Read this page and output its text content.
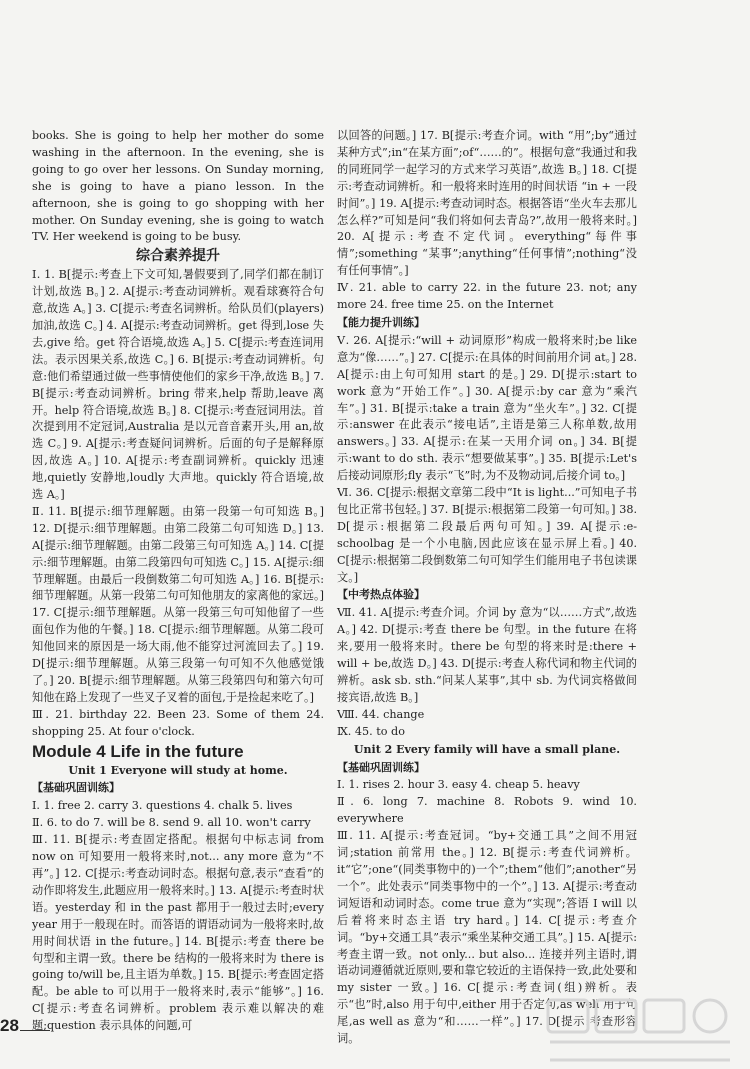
books. She is going to help her mother do some washing in the afternoon. In the evening, she is going to go over her lessons. On Sunday morning, she is going to have a piano lesson. In the afternoon, she is going to go shopping with her mother. On Sunday evening, she is going to watch TV. Her weekend is going to be busy.

综合素养提升

Ⅰ. 1. B[提示:考查上下文可知,暑假要到了,同学们都在制订计划,故选 B。] 2. A[提示:考查动词辨析。观看球赛符合句意,故选 A。] 3. C[提示:考查名词辨析。给队员们(players)加油,故选 C。] 4. A[提示:考查动词辨析。get 得到,lose 失去,give 给。get 符合语境,故选 A。] 5. C[提示:考查连词用法。表示因果关系,故选 C。] 6. B[提示:考查动词辨析。句意:他们希望通过做一些事情使他们的家乡干净,故选 B。] 7. B[提示:考查动词辨析。bring 带来,help 帮助,leave 离开。help 符合语境,故选 B。] 8. C[提示:考查冠词用法。首次提到用不定冠词,Australia 是以元音音素开头,用 an,故选 C。] 9. A[提示:考查疑问词辨析。后面的句子是解释原因,故选 A。] 10. A[提示:考查副词辨析。quickly 迅速地,quietly 安静地,loudly 大声地。quickly 符合语境,故选 A。]

Ⅱ. 11. B[提示:细节理解题。由第一段第一句可知选 B。] 12. D[提示:细节理解题。由第二段第二句可知选 D。] 13. A[提示:细节理解题。由第二段第三句可知选 A。] 14. C[提示:细节理解题。由第二段第四句可知选 C。] 15. A[提示:细节理解题。由最后一段倒数第二句可知选 A。] 16. B[提示:细节理解题。从第一段第二句可知他朋友的家离他的家远。] 17. C[提示:细节理解题。从第一段第三句可知他留了一些面包作为他的午餐。] 18. C[提示:细节理解题。从第二段可知他回来的原因是一场大雨,他不能穿过河流回去了。] 19. D[提示:细节理解题。从第三段第一句可知不久他感觉饿了。] 20. B[提示:细节理解题。从第三段第四句和第六句可知他在路上发现了一些叉子叉着的面包,于是捡起来吃了。]

Ⅲ. 21. birthday 22. Been 23. Some of them 24. shopping 25. At four o'clock.

Module 4 Life in the future
Unit 1 Everyone will study at home.
【基础巩固训练】

Ⅰ. 1. free 2. carry 3. questions 4. chalk 5. lives

Ⅱ. 6. to do 7. will be 8. send 9. all 10. won't carry

Ⅲ. 11. B[提示:考查固定搭配。根据句中标志词 from now on 可知要用一般将来时,not... any more 意为“不再”。] 12. C[提示:考查动词时态。根据句意,表示“查看”的动作即将发生,此题应用一般将来时。] 13. A[提示:考查时状语。yesterday 和 in the past 都用于一般过去时;every year 用于一般现在时。而答语的谓语动词为一般将来时,故用时间状语 in the future。] 14. B[提示:考查 there be 句型和主谓一致。there be 结构的一般将来时为 there is going to/will be,且主语为单数。] 15. B[提示:考查固定搭配。be able to 可以用于一般将来时,表示“能够”。] 16. C[提示:考查名词辨析。problem 表示难以解决的难题;question 表示具体的问题,可

以回答的问题。] 17. B[提示:考查介词。with “用”;by“通过某种方式”;in“在某方面”;of“……的”。根据句意“我通过和我的同班同学一起学习的方式来学习英语”,故选 B。] 18. C[提示:考查动词辨析。和一般将来时连用的时间状语 “in + 一段时间”。] 19. A[提示:考查动词时态。根据答语“坐火车去那儿怎么样?”可知是问“我们将如何去青岛?”,故用一般将来时。] 20. A[提示:考查不定代词。everything“每件事情”;something “某事”;anything“任何事情”;nothing“没有任何事情”。]

Ⅳ. 21. able to carry 22. in the future 23. not; any more 24. free time 25. on the Internet

【能力提升训练】

Ⅴ. 26. A[提示:“will + 动词原形”构成一般将来时;be like 意为“像……”。] 27. C[提示:在具体的时间前用介词 at。] 28. A[提示:由上句可知用 start 的是。] 29. D[提示:start to work 意为“开始工作”。] 30. A[提示:by car 意为“乘汽车”。] 31. B[提示:take a train 意为“坐火车”。] 32. C[提示:answer 在此表示“接电话”,主语是第三人称单数,故用 answers。] 33. A[提示:在某一天用介词 on。] 34. B[提示:want to do sth. 表示“想要做某事”。] 35. B[提示:Let's 后接动词原形;fly 表示“飞”时,为不及物动词,后接介词 to。]

Ⅵ. 36. C[提示:根据文章第二段中“It is light...”可知电子书包比正常书包轻。] 37. B[提示:根据第二段第一句可知。] 38. D[提示:根据第二段最后两句可知。] 39. A[提示:e-schoolbag 是一个小电脑,因此应该在显示屏上看。] 40. C[提示:根据第二段倒数第二句可知学生们能用电子书包读课文。]

【中考热点体验】

Ⅶ. 41. A[提示:考查介词。介词 by 意为“以……方式”,故选 A。] 42. D[提示:考查 there be 句型。in the future 在将来,要用一般将来时。there be 句型的将来时是:there + will + be,故选 D。] 43. D[提示:考查人称代词和物主代词的辨析。ask sb. sth.“问某人某事”,其中 sb. 为代词宾格做间接宾语,故选 B。]

Ⅷ. 44. change

Ⅸ. 45. to do

Unit 2 Every family will have a small plane.
【基础巩固训练】

Ⅰ. 1. rises 2. hour 3. easy 4. cheap 5. heavy

Ⅱ. 6. long 7. machine 8. Robots 9. wind 10. everywhere

Ⅲ. 11. A[提示:考查冠词。“by+交通工具”之间不用冠词;station 前常用 the。] 12. B[提示:考查代词辨析。it“它”;one“(同类事物中的)一个”;them“他们”;another“另一个”。此处表示“同类事物中的一个”。] 13. A[提示:考查动词短语和动词时态。come true 意为“实现”;答语 I will 以后着将来时态主语 try hard。] 14. C[提示:考查介词。“by+交通工具”表示“乘坐某种交通工具”。] 15. A[提示:考查主谓一致。not only... but also... 连接并列主语时,谓语动词遵循就近原则,要和靠它较近的主语保持一致,此处要和 my sister 一致。] 16. C[提示:考查词(组)辨析。表示“也”时,also 用于句中,either 用于否定句,as well 用于句尾,as well as 意为“和……一样”。] 17. D[提示:考查形容词。

28
